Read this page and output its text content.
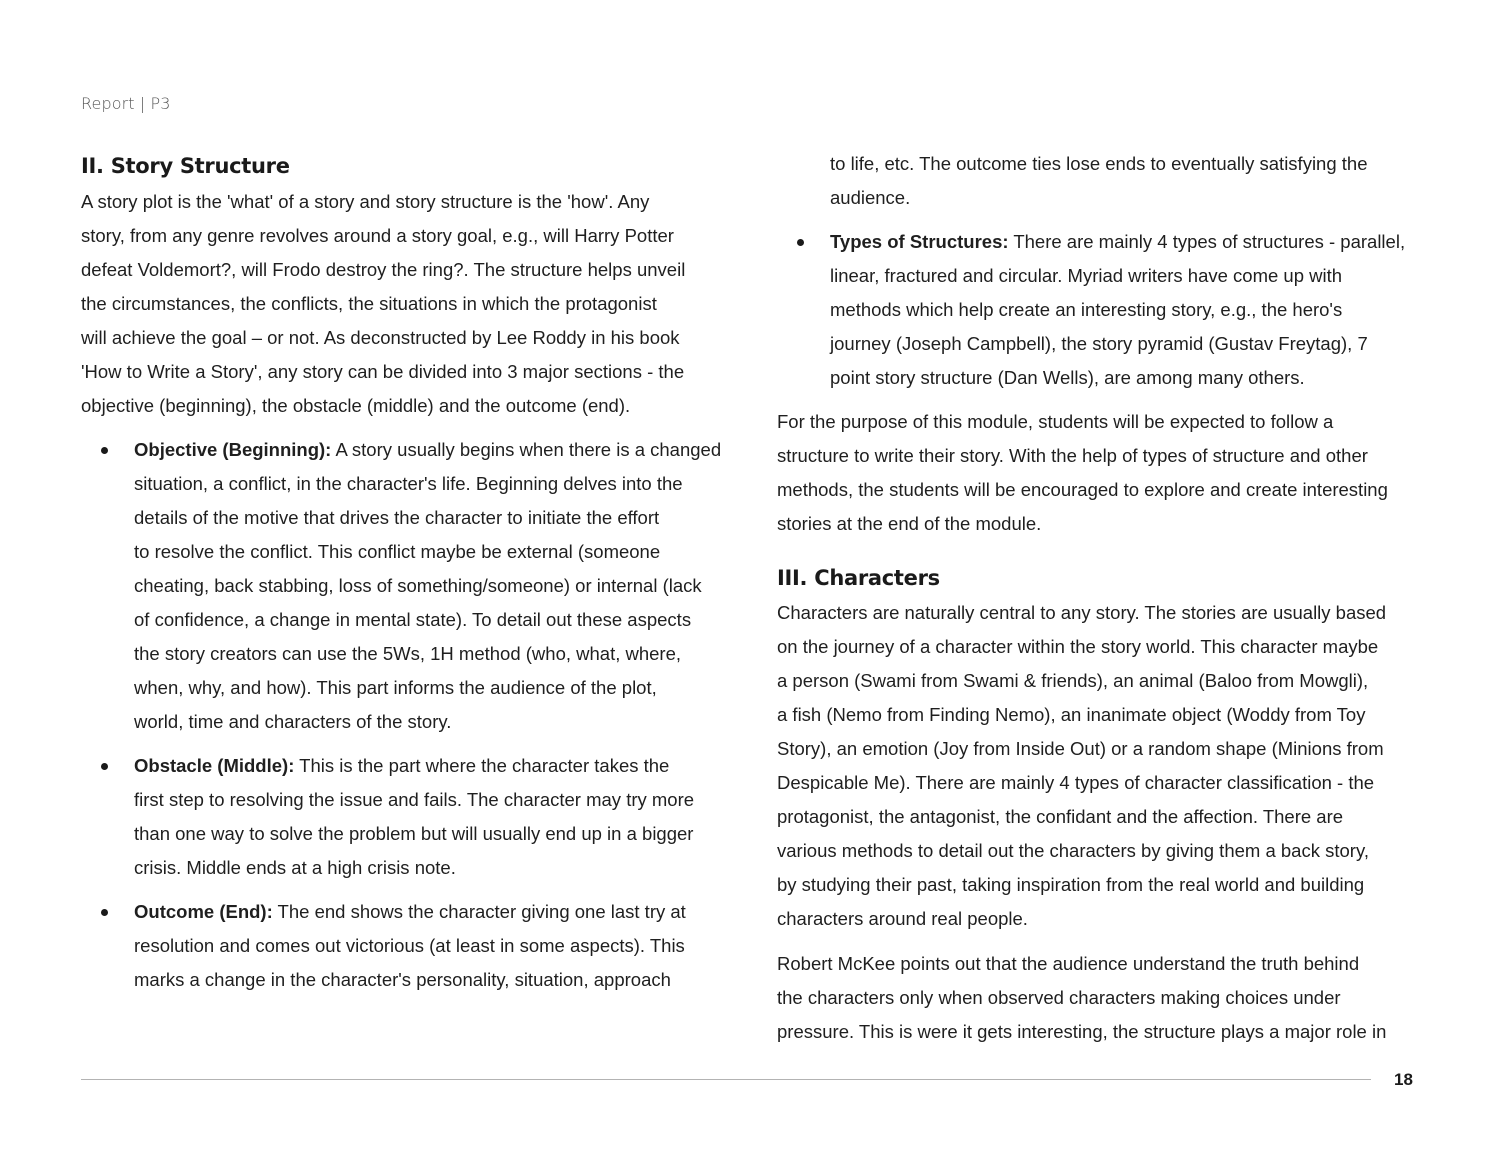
Report | P3
II. Story Structure
A story plot is the 'what' of a story and story structure is the 'how'. Any
story, from any genre revolves around a story goal, e.g., will Harry Potter
defeat Voldemort?, will Frodo destroy the ring?. The structure helps unveil
the circumstances, the conflicts, the situations in which the protagonist
will achieve the goal – or not. As deconstructed by Lee Roddy in his book
'How to Write a Story', any story can be divided into 3 major sections - the
objective (beginning), the obstacle (middle) and the outcome (end).
Objective (Beginning): A story usually begins when there is a changed
situation, a conflict, in the character's life. Beginning delves into the
details of the motive that drives the character to initiate the effort
to resolve the conflict. This conflict maybe be external (someone
cheating, back stabbing, loss of something/someone) or internal (lack
of confidence, a change in mental state). To detail out these aspects
the story creators can use the 5Ws, 1H method (who, what, where,
when, why, and how). This part informs the audience of the plot,
world, time and characters of the story.
Obstacle (Middle): This is the part where the character takes the
first step to resolving the issue and fails. The character may try more
than one way to solve the problem but will usually end up in a bigger
crisis. Middle ends at a high crisis note.
Outcome (End): The end shows the character giving one last try at
resolution and comes out victorious (at least in some aspects). This
marks a change in the character's personality, situation, approach
to life, etc. The outcome ties lose ends to eventually satisfying the
audience.
Types of Structures: There are mainly 4 types of structures - parallel,
linear, fractured and circular. Myriad writers have come up with
methods which help create an interesting story, e.g., the hero's
journey (Joseph Campbell), the story pyramid (Gustav Freytag), 7
point story structure (Dan Wells), are among many others.
For the purpose of this module, students will be expected to follow a
structure to write their story. With the help of types of structure and other
methods, the students will be encouraged to explore and create interesting
stories at the end of the module.
III. Characters
Characters are naturally central to any story. The stories are usually based
on the journey of a character within the story world. This character maybe
a person (Swami from Swami & friends), an animal (Baloo from Mowgli),
a fish (Nemo from Finding Nemo), an inanimate object (Woddy from Toy
Story), an emotion (Joy from Inside Out) or a random shape (Minions from
Despicable Me). There are mainly 4 types of character classification - the
protagonist, the antagonist, the confidant and the affection. There are
various methods to detail out the characters by giving them a back story,
by studying their past, taking inspiration from the real world and building
characters around real people.
Robert McKee points out that the audience understand the truth behind
the characters only when observed characters making choices under
pressure. This is were it gets interesting, the structure plays a major role in
18
